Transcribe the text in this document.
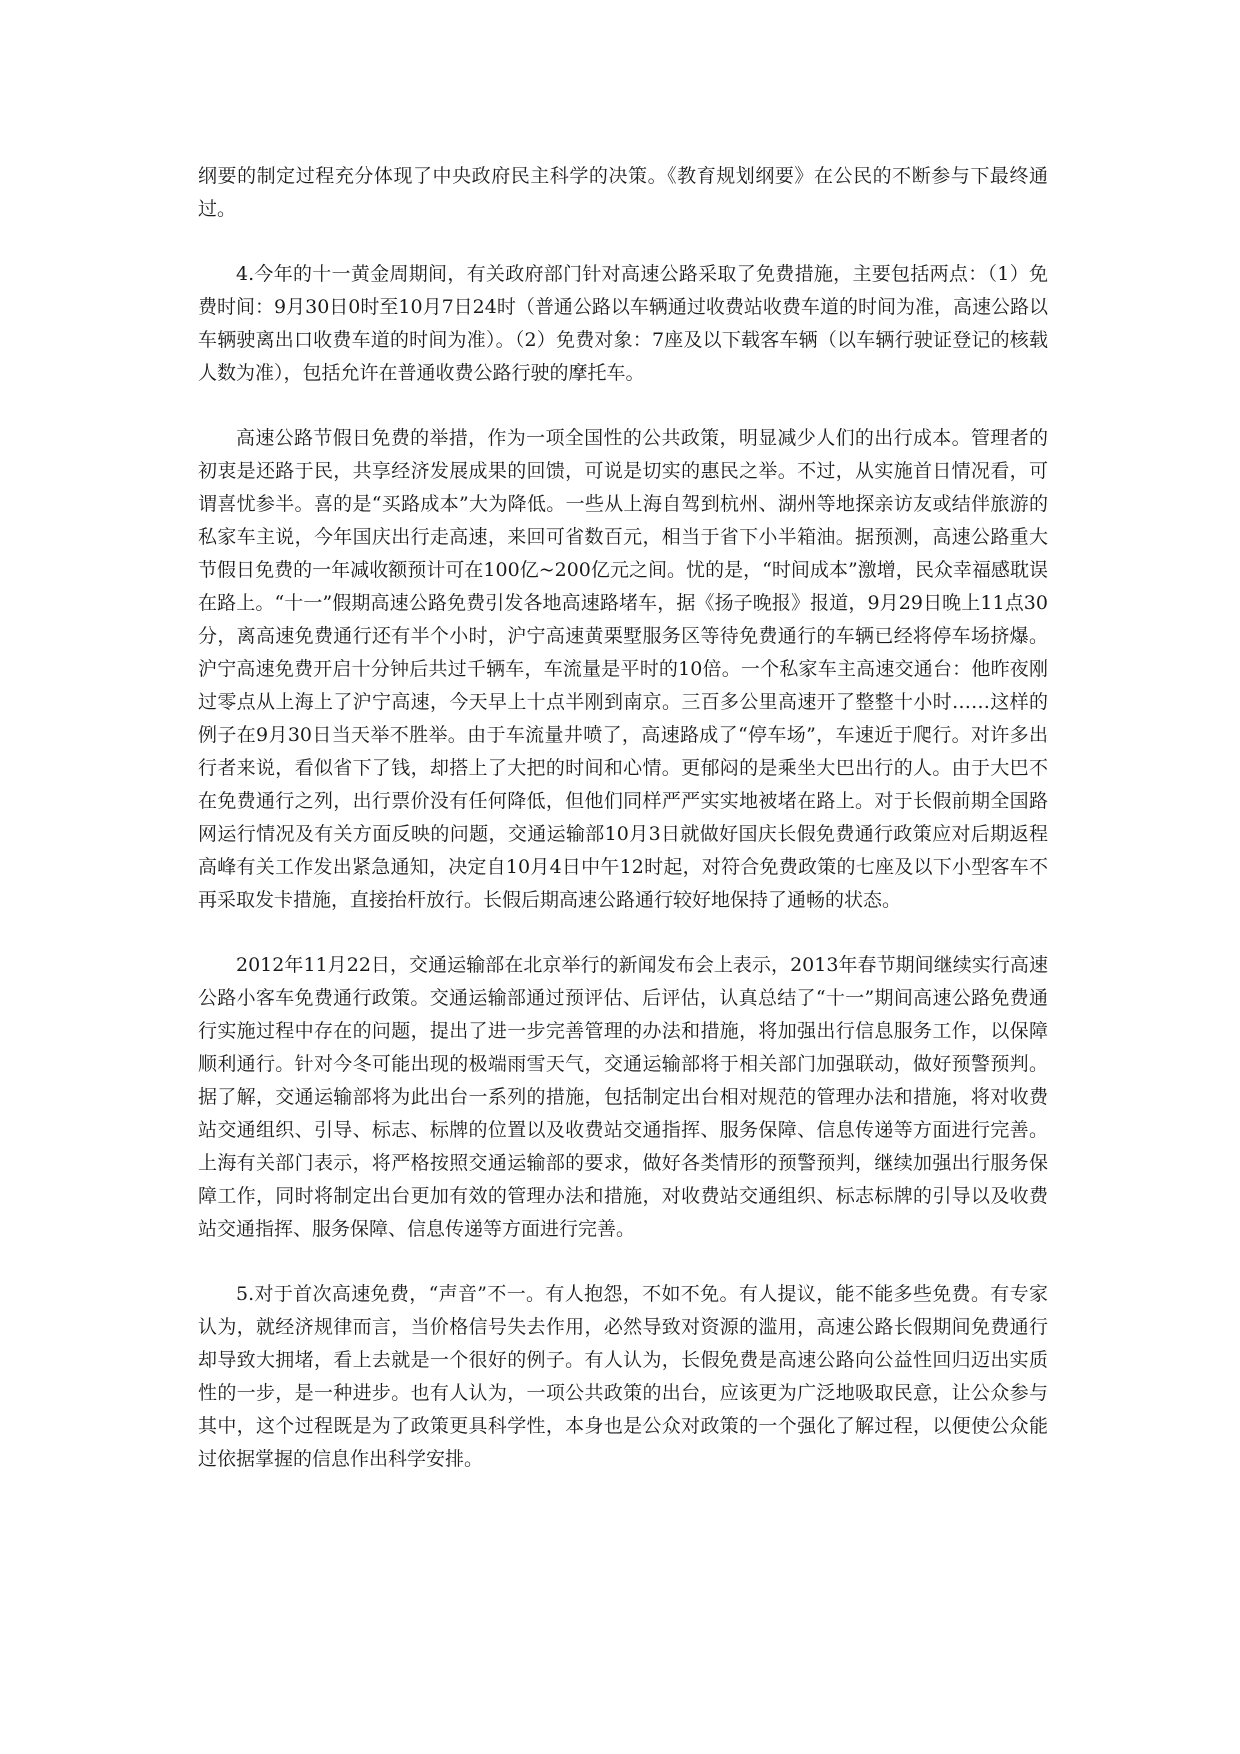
纲要的制定过程充分体现了中央政府民主科学的决策。《教育规划纲要》在公民的不断参与下最终通过。

4.今年的十一黄金周期间，有关政府部门针对高速公路采取了免费措施，主要包括两点：（1）免费时间：9月30日0时至10月7日24时（普通公路以车辆通过收费站收费车道的时间为准，高速公路以车辆驶离出口收费车道的时间为准）。（2）免费对象：7座及以下载客车辆（以车辆行驶证登记的核载人数为准），包括允许在普通收费公路行驶的摩托车。

高速公路节假日免费的举措，作为一项全国性的公共政策，明显减少人们的出行成本。管理者的初衷是还路于民，共享经济发展成果的回馈，可说是切实的惠民之举。不过，从实施首日情况看，可谓喜忧参半。喜的是“买路成本”大为降低。一些从上海自驾到杭州、湖州等地探亲访友或结伴旅游的私家车主说，今年国庆出行走高速，来回可省数百元，相当于省下小半箱油。据预测，高速公路重大节假日免费的一年减收额预计可在100亿~200亿元之间。忧的是，“时间成本”激增，民众幸福感耽误在路上。“十一”假期高速公路免费引发各地高速路堵车，据《扬子晚报》报道，9月29日晚上11点30分，离高速免费通行还有半个小时，沪宁高速黄栗墅服务区等待免费通行的车辆已经将停车场挤爆。沪宁高速免费开启十分钟后共过千辆车，车流量是平时的10倍。一个私家车主高速交通台：他昨夜刚过零点从上海上了沪宁高速，今天早上十点半刚到南京。三百多公里高速开了整整十小时……这样的例子在9月30日当天举不胜举。由于车流量井喷了，高速路成了“停车场”，车速近于爬行。对许多出行者来说，看似省下了钱，却搭上了大把的时间和心情。更郁闷的是乘坐大巴出行的人。由于大巴不在免费通行之列，出行票价没有任何降低，但他们同样严严实实地被堵在路上。对于长假前期全国路网运行情况及有关方面反映的问题，交通运输部10月3日就做好国庆长假免费通行政策应对后期返程高峰有关工作发出紧急通知，决定自10月4日中午12时起，对符合免费政策的七座及以下小型客车不再采取发卡措施，直接抬杆放行。长假后期高速公路通行较好地保持了通畅的状态。

2012年11月22日，交通运输部在北京举行的新闻发布会上表示，2013年春节期间继续实行高速公路小客车免费通行政策。交通运输部通过预评估、后评估，认真总结了“十一”期间高速公路免费通行实施过程中存在的问题，提出了进一步完善管理的办法和措施，将加强出行信息服务工作，以保障顺利通行。针对今冬可能出现的极端雨雪天气，交通运输部将于相关部门加强联动，做好预警预判。据了解，交通运输部将为此出台一系列的措施，包括制定出台相对规范的管理办法和措施，将对收费站交通组织、引导、标志、标牌的位置以及收费站交通指挥、服务保障、信息传递等方面进行完善。上海有关部门表示，将严格按照交通运输部的要求，做好各类情形的预警预判，继续加强出行服务保障工作，同时将制定出台更加有效的管理办法和措施，对收费站交通组织、标志标牌的引导以及收费站交通指挥、服务保障、信息传递等方面进行完善。

5.对于首次高速免费，“声音”不一。有人抱怨，不如不免。有人提议，能不能多些免费。有专家认为，就经济规律而言，当价格信号失去作用，必然导致对资源的滥用，高速公路长假期间免费通行却导致大拥堵，看上去就是一个很好的例子。有人认为，长假免费是高速公路向公益性回归迈出实质性的一步，是一种进步。也有人认为，一项公共政策的出台，应该更为广泛地吸取民意，让公众参与其中，这个过程既是为了政策更具科学性，本身也是公众对政策的一个强化了解过程，以便使公众能过依据掌握的信息作出科学安排。
